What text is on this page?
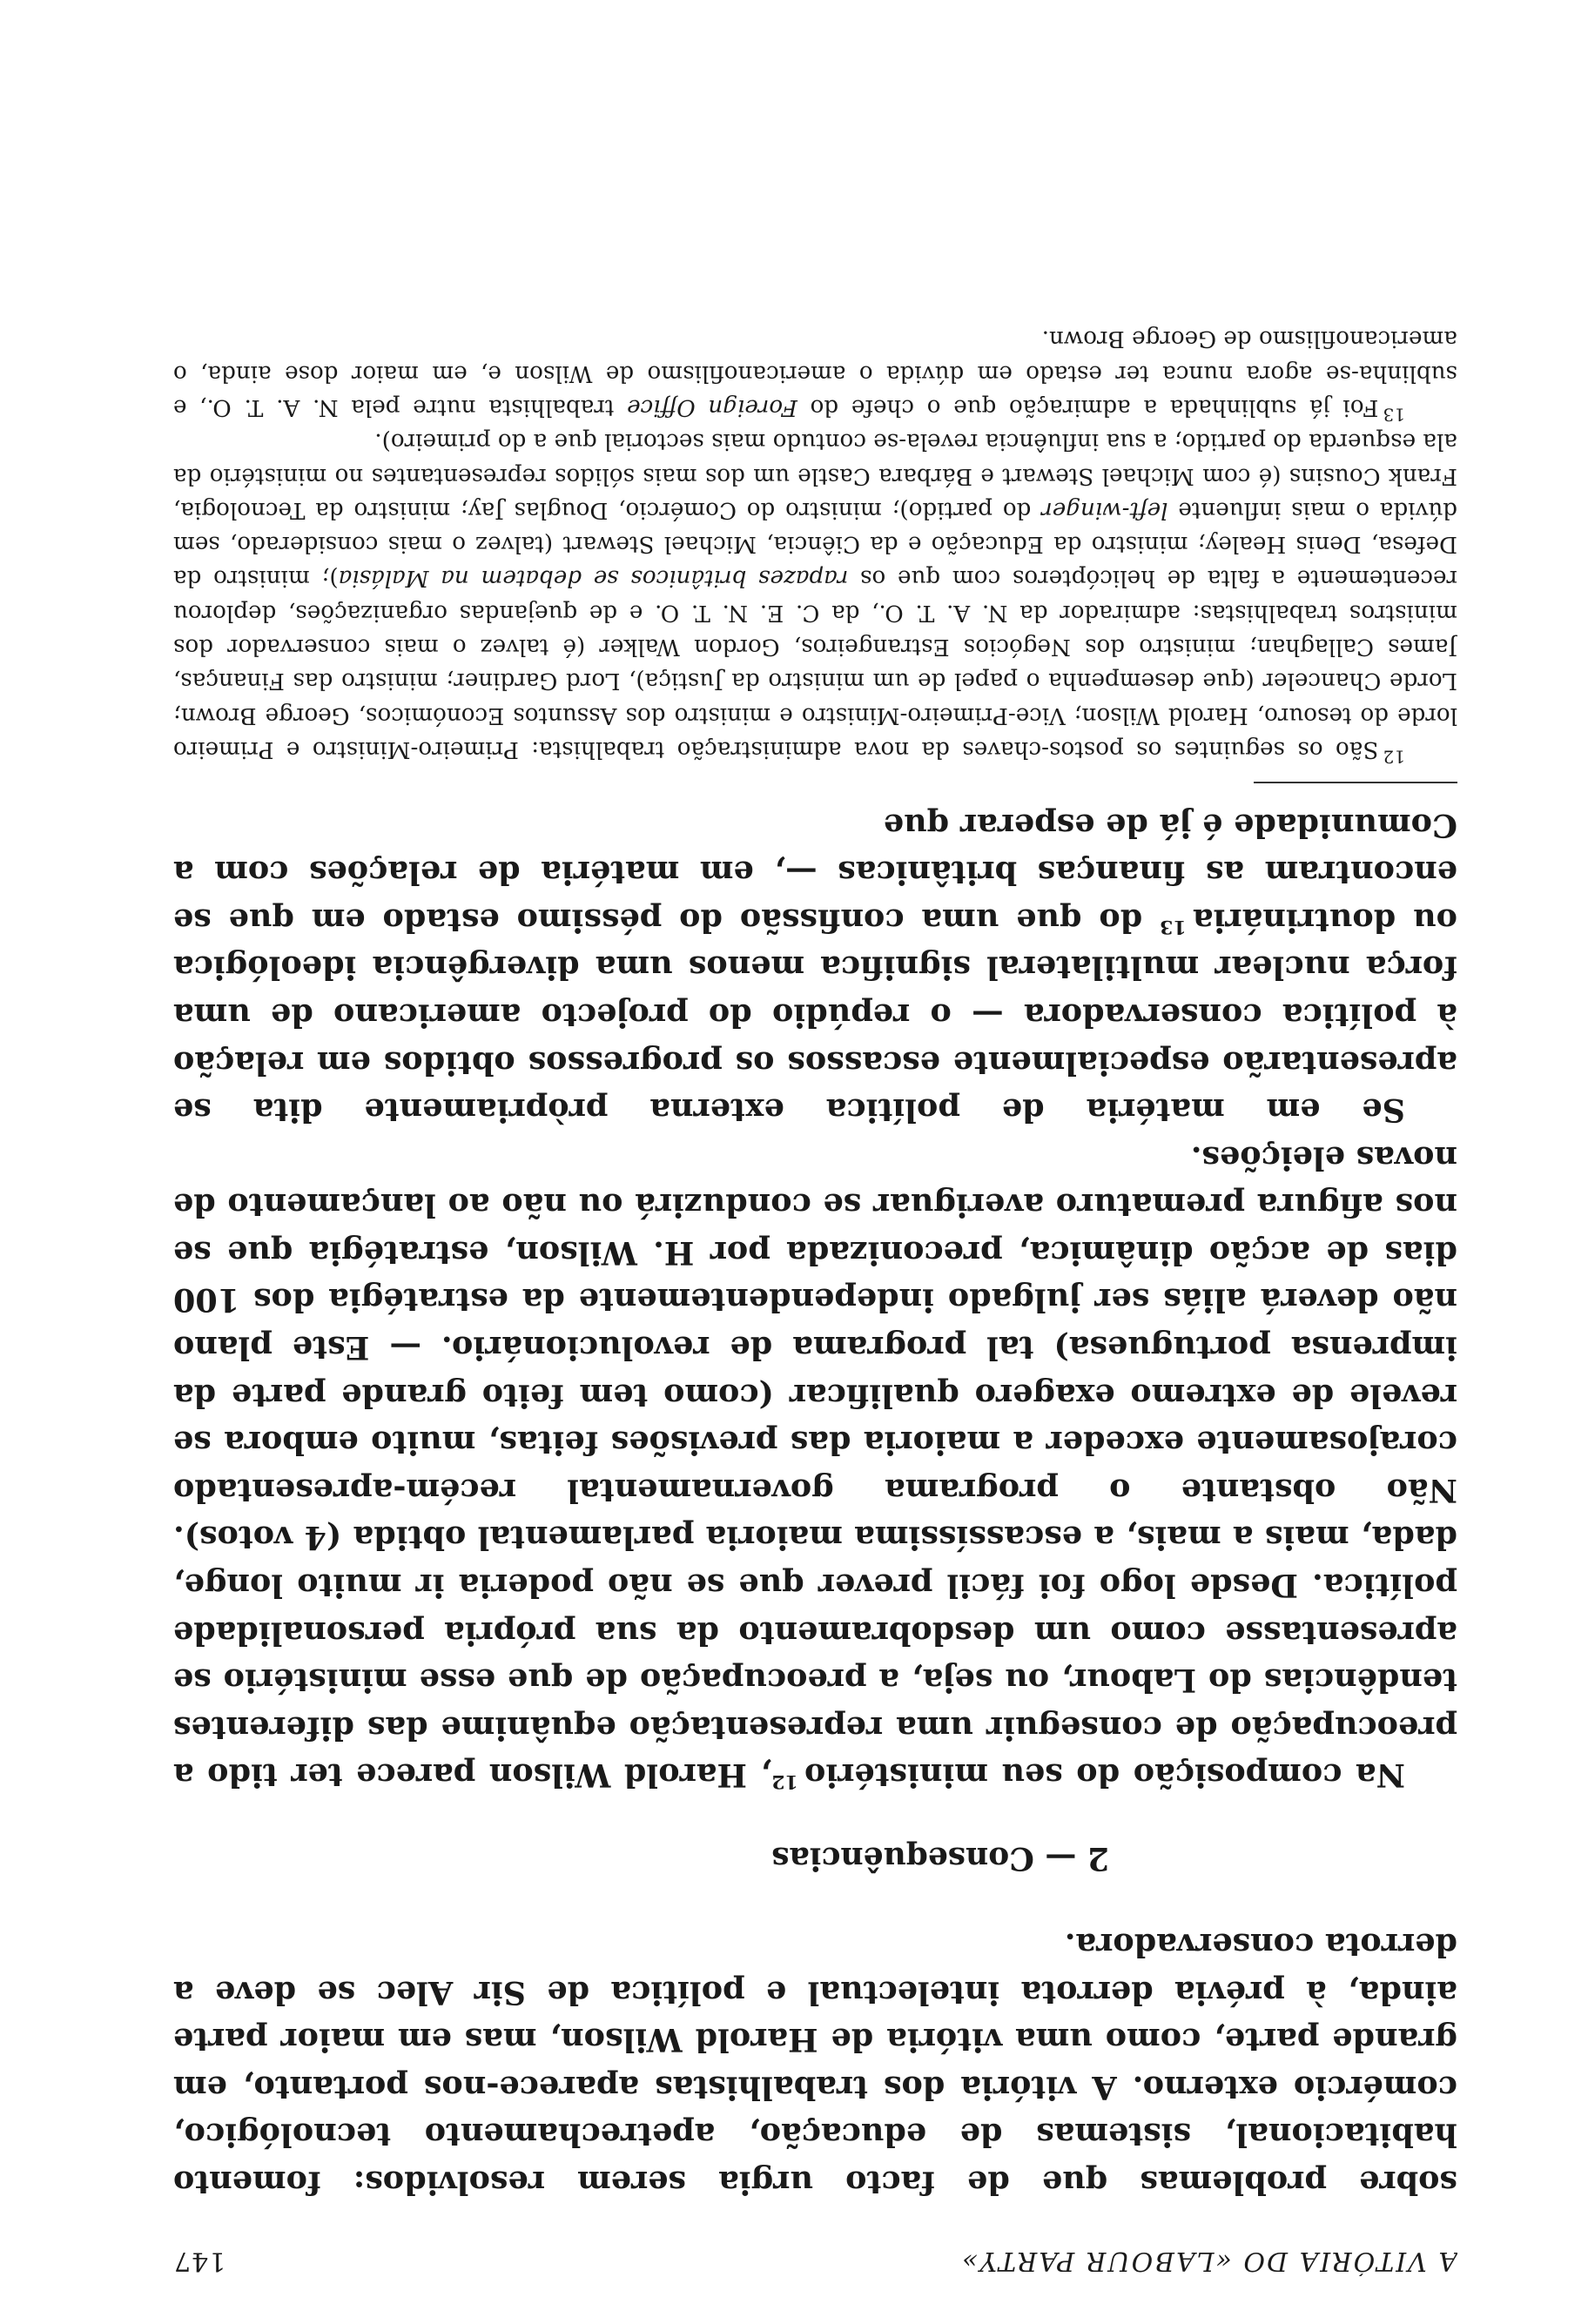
A VITÓRIA DO «LABOUR PARTY»
147

sobre problemas que de facto urgia serem resolvidos: fomento habitacional, sistemas de educação, apetrechamento tecnológico, comércio externo. A vitória dos trabalhistas aparece-nos portanto, em grande parte, como uma vitória de Harold Wilson, mas em maior parte ainda, à prévia derrota intelectual e política de Sir Alec se deve a derrota conservadora.

2 — Consequências

Na composição do seu ministério $^{12}$, Harold Wilson parece ter tido a preocupação de conseguir uma representação equânime das diferentes tendências do Labour, ou seja, a preocupação de que esse ministério se apresentasse como um desdobramento da sua própria personalidade política. Desde logo foi fácil prever que se não poderia ir muito longe, dada, mais a mais, a escassíssima maioria parlamental obtida (4 votos). Não obstante o programa governamental recém-apresentado corajosamente exceder a maioria das previsões feitas, muito embora se revele de extremo exagero qualificar (como tem feito grande parte da imprensa portuguesa) tal programa de revolucionário. — Este plano não deverá aliás ser julgado independentemente da estratégia dos 100 dias de acção dinâmica, preconizada por H. Wilson, estratégia que se nos afigura prematuro averiguar se conduzirá ou não ao lançamento de novas eleições.

Se em matéria de política externa pròpriamente dita se apresentarão especialmente escassos os progressos obtidos em relação à política conservadora — o repúdio do projecto americano de uma força nuclear multilateral significa menos uma divergência ideológica ou doutrinária $^{13}$ do que uma confissão do péssimo estado em que se encontram as finanças britânicas —, em matéria de relações com a Comunidade é já de esperar que

$^{12}$ São os seguintes os postos-chaves da nova administração trabalhista: Primeiro-Ministro e Primeiro lorde do tesouro, Harold Wilson; Vice-Primeiro-Ministro e ministro dos Assuntos Económicos, George Brown; Lorde Chanceler (que desempenha o papel de um ministro da Justiça), Lord Gardiner; ministro das Finanças, James Callaghan; ministro dos Negócios Estrangeiros, Gordon Walker (é talvez o mais conservador dos ministros trabalhistas: admirador da N. A. T. O., da C. E. N. T. O. e de quejandas organizações, deplorou recentemente a falta de helicópteros com que os rapazes britânicos se debatem na Malásia); ministro da Defesa, Denis Healey; ministro da Educação e da Ciência, Michael Stewart (talvez o mais considerado, sem dúvida o mais influente left-winger do partido); ministro do Comércio, Douglas Jay; ministro da Tecnologia, Frank Cousins (é com Michael Stewart e Bárbara Castle um dos mais sólidos representantes no ministério da ala esquerda do partido; a sua influência revela-se contudo mais sectorial que a do primeiro).

$^{13}$ Foi já sublinhada a admiração que o chefe do Foreign Office trabalhista nutre pela N. A. T. O., e sublinha-se agora nunca ter estado em dúvida o americanofilismo de Wilson e, em maior dose ainda, o americanofilismo de George Brown.
